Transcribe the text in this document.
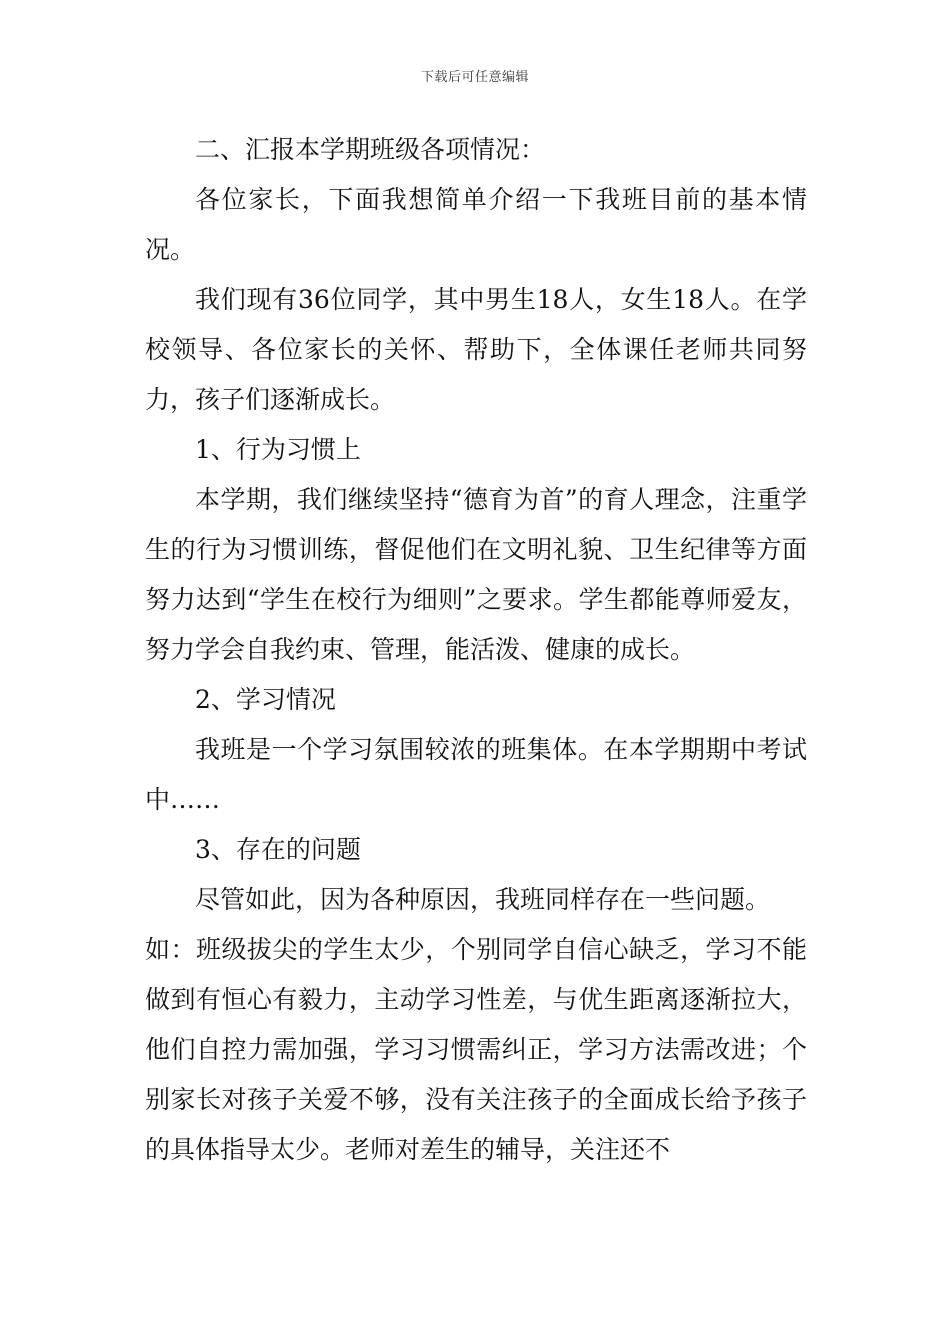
下载后可任意编辑

二、汇报本学期班级各项情况：

各位家长，下面我想简单介绍一下我班目前的基本情况。

我们现有36位同学，其中男生18人，女生18人。在学校领导、各位家长的关怀、帮助下，全体课任老师共同努力，孩子们逐渐成长。

1、行为习惯上

本学期，我们继续坚持“德育为首”的育人理念，注重学生的行为习惯训练，督促他们在文明礼貌、卫生纪律等方面努力达到“学生在校行为细则”之要求。学生都能尊师爱友，努力学会自我约束、管理，能活泼、健康的成长。

2、学习情况

我班是一个学习氛围较浓的班集体。在本学期期中考试中……

3、存在的问题

尽管如此，因为各种原因，我班同样存在一些问题。

如：班级拔尖的学生太少，个别同学自信心缺乏，学习不能做到有恒心有毅力，主动学习性差，与优生距离逐渐拉大，他们自控力需加强，学习习惯需纠正，学习方法需改进；个别家长对孩子关爱不够，没有关注孩子的全面成长给予孩子的具体指导太少。老师对差生的辅导，关注还不
